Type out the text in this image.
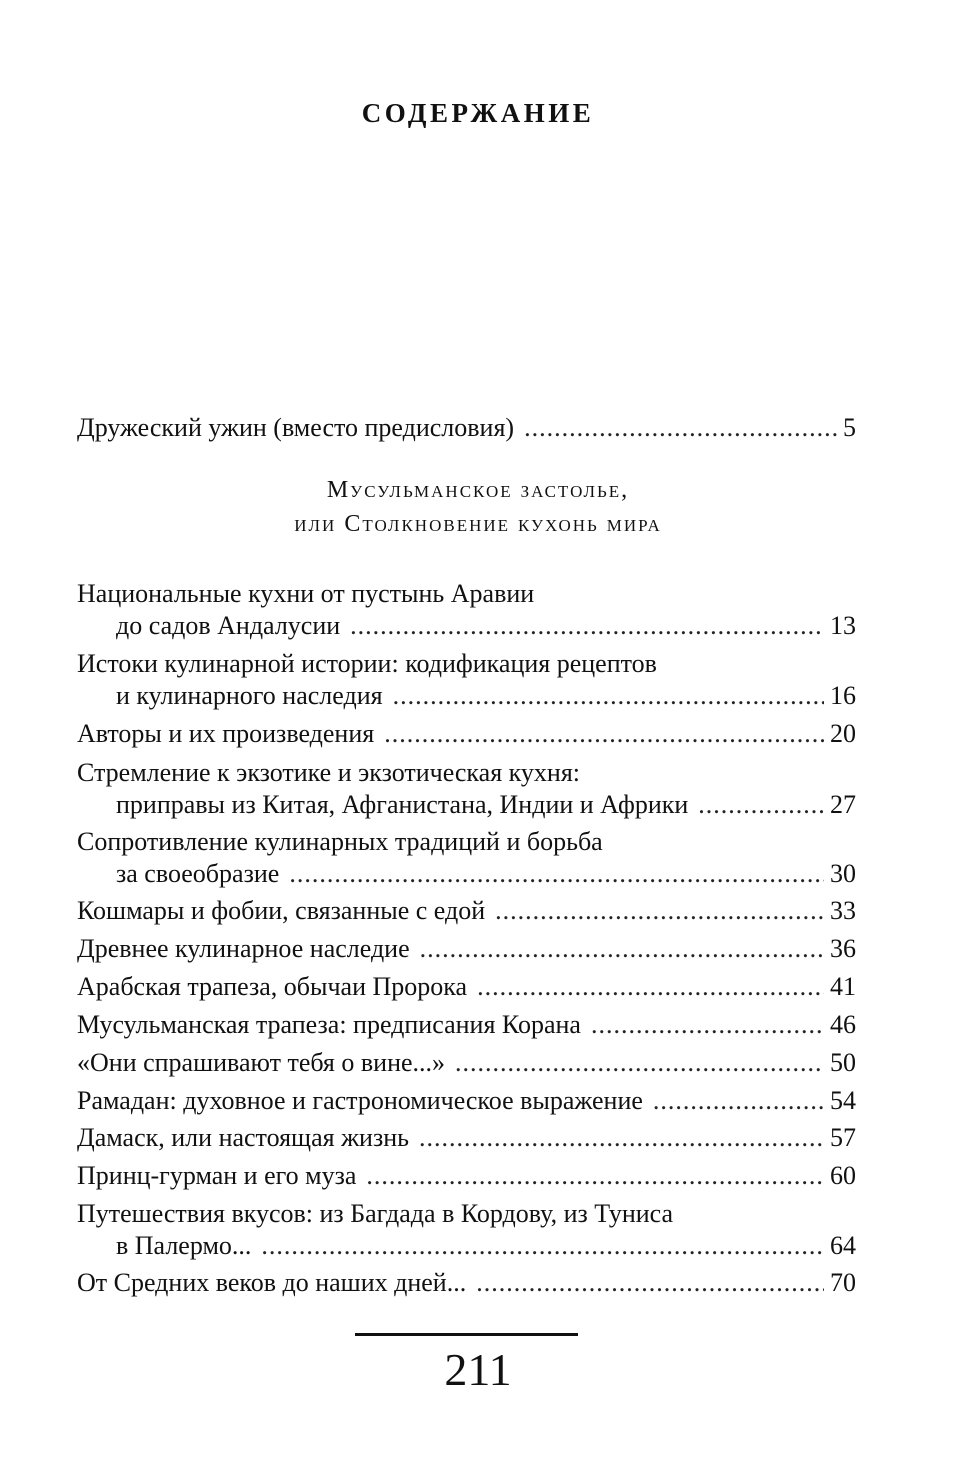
СОДЕРЖАНИЕ
Дружеский ужин (вместо предисловия) .....	5
Мусульманское застолье,
или Столкновение кухонь мира
Национальные кухни от пустынь Аравии
до садов Андалусии .....	13
Истоки кулинарной истории: кодификация рецептов
и кулинарного наследия .....	16
Авторы и их произведения .....	20
Стремление к экзотике и экзотическая кухня:
приправы из Китая, Афганистана, Индии и Африки .....	27
Сопротивление кулинарных традиций и борьба
за своеобразие .....	30
Кошмары и фобии, связанные с едой .....	33
Древнее кулинарное наследие .....	36
Арабская трапеза, обычаи Пророка .....	41
Мусульманская трапеза: предписания Корана .....	46
«Они спрашивают тебя о вине...» .....	50
Рамадан: духовное и гастрономическое выражение .....	54
Дамаск, или настоящая жизнь .....	57
Принц-гурман и его муза .....	60
Путешествия вкусов: из Багдада в Кордову, из Туниса
в Палермо... .....	64
От Средних веков до наших дней... .....	70
211
